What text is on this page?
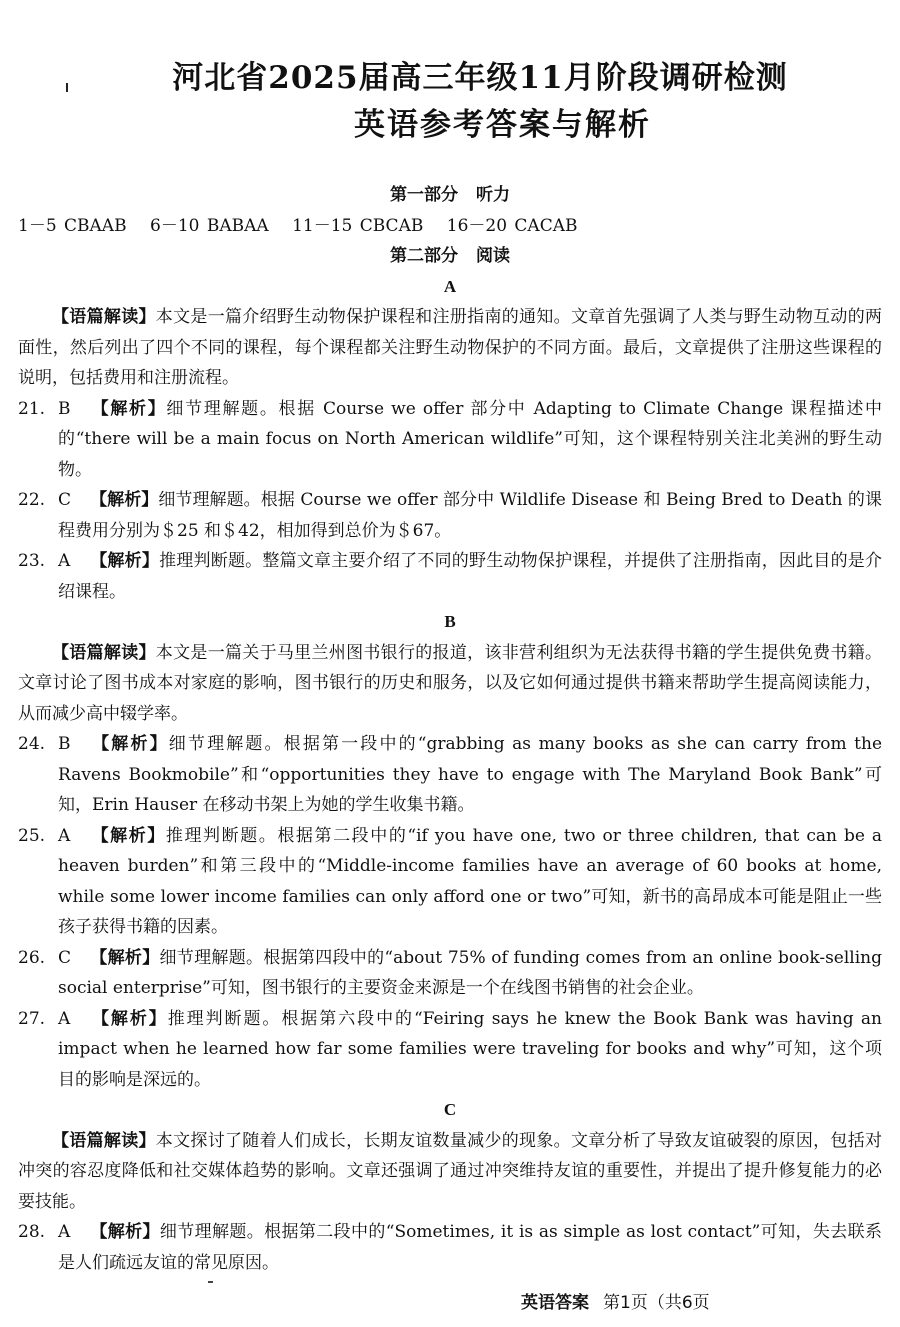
河北省2025届高三年级11月阶段调研检测
英语参考答案与解析
第一部分 听力
1－5 CBAAB 6－10 BABAA 11－15 CBCAB 16－20 CACAB
第二部分 阅读
A
【语篇解读】本文是一篇介绍野生动物保护课程和注册指南的通知。文章首先强调了人类与野生动物互动的两面性，然后列出了四个不同的课程，每个课程都关注野生动物保护的不同方面。最后，文章提供了注册这些课程的说明，包括费用和注册流程。
21. B 【解析】细节理解题。根据 Course we offer 部分中 Adapting to Climate Change 课程描述中的“there will be a main focus on North American wildlife”可知，这个课程特别关注北美洲的野生动物。
22. C 【解析】细节理解题。根据 Course we offer 部分中 Wildlife Disease 和 Being Bred to Death 的课程费用分别为＄25 和＄42，相加得到总价为＄67。
23. A 【解析】推理判断题。整篇文章主要介绍了不同的野生动物保护课程，并提供了注册指南，因此目的是介绍课程。
B
【语篇解读】本文是一篇关于马里兰州图书银行的报道，该非营利组织为无法获得书籍的学生提供免费书籍。文章讨论了图书成本对家庭的影响，图书银行的历史和服务，以及它如何通过提供书籍来帮助学生提高阅读能力，从而减少高中辍学率。
24. B 【解析】细节理解题。根据第一段中的“grabbing as many books as she can carry from the Ravens Bookmobile”和“opportunities they have to engage with The Maryland Book Bank”可知，Erin Hauser 在移动书架上为她的学生收集书籍。
25. A 【解析】推理判断题。根据第二段中的“if you have one, two or three children, that can be a heaven burden”和第三段中的“Middle-income families have an average of 60 books at home, while some lower income families can only afford one or two”可知，新书的高昂成本可能是阻止一些孩子获得书籍的因素。
26. C 【解析】细节理解题。根据第四段中的“about 75% of funding comes from an online book-selling social enterprise”可知，图书银行的主要资金来源是一个在线图书销售的社会企业。
27. A 【解析】推理判断题。根据第六段中的“Feiring says he knew the Book Bank was having an impact when he learned how far some families were traveling for books and why”可知，这个项目的影响是深远的。
C
【语篇解读】本文探讨了随着人们成长，长期友谊数量减少的现象。文章分析了导致友谊破裂的原因，包括对冲突的容忍度降低和社交媒体趋势的影响。文章还强调了通过冲突维持友谊的重要性，并提出了提升修复能力的必要技能。
28. A 【解析】细节理解题。根据第二段中的“Sometimes, it is as simple as lost contact”可知，失去联系是人们疏远友谊的常见原因。
英语答案 第1页（共6页
